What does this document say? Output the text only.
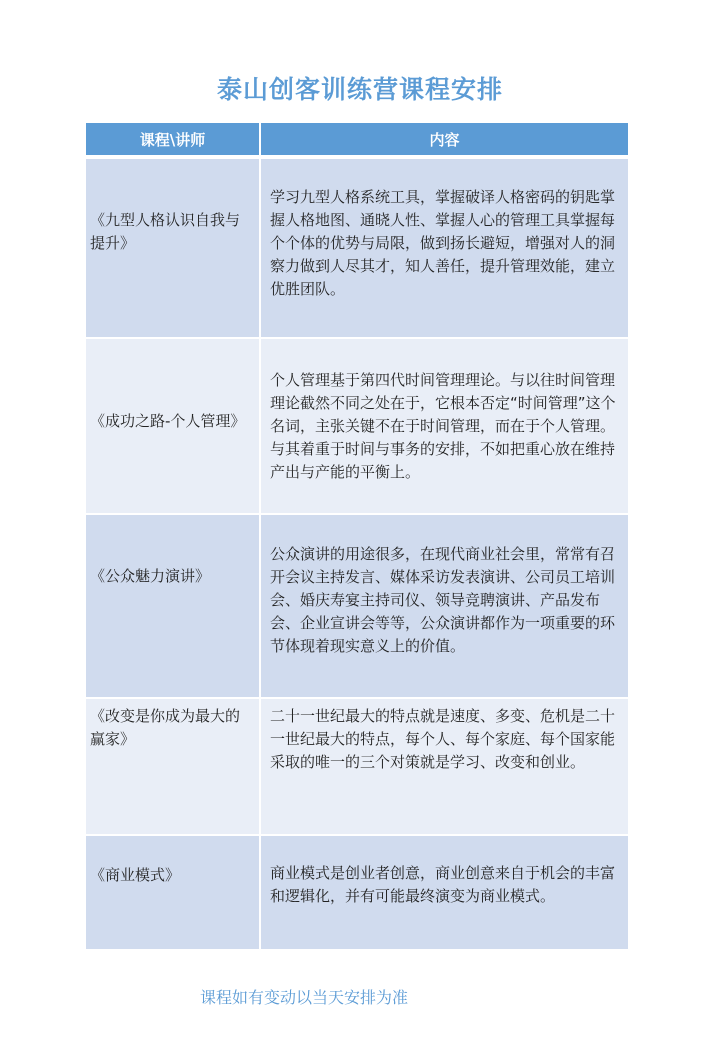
泰山创客训练营课程安排
课程\讲师	内容
《九型人格认识自我与提升》	学习九型人格系统工具，掌握破译人格密码的钥匙掌握人格地图、通晓人性、掌握人心的管理工具掌握每个个体的优势与局限，做到扬长避短，增强对人的洞察力做到人尽其才，知人善任，提升管理效能，建立优胜团队。
《成功之路-个人管理》	个人管理基于第四代时间管理理论。与以往时间管理理论截然不同之处在于，它根本否定“时间管理”这个名词，主张关键不在于时间管理，而在于个人管理。与其着重于时间与事务的安排，不如把重心放在维持产出与产能的平衡上。
《公众魅力演讲》	公众演讲的用途很多，在现代商业社会里，常常有召开会议主持发言、媒体采访发表演讲、公司员工培训会、婚庆寿宴主持司仪、领导竞聘演讲、产品发布会、企业宣讲会等等，公众演讲都作为一项重要的环节体现着现实意义上的价值。
《改变是你成为最大的赢家》	二十一世纪最大的特点就是速度、多变、危机是二十一世纪最大的特点，每个人、每个家庭、每个国家能采取的唯一的三个对策就是学习、改变和创业。
《商业模式》	商业模式是创业者创意，商业创意来自于机会的丰富和逻辑化，并有可能最终演变为商业模式。
课程如有变动以当天安排为准
